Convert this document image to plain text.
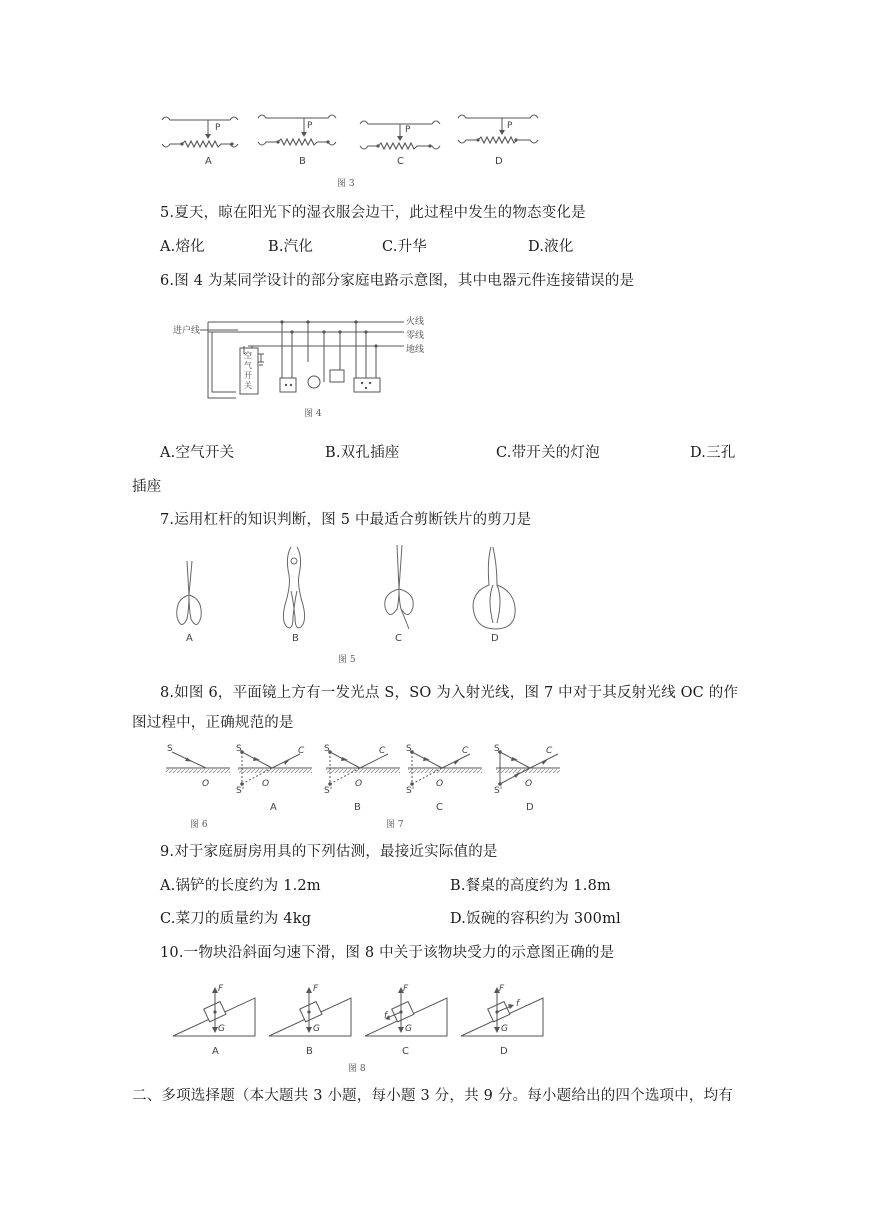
P	P	P	P
A	B	C	D
图 3
5.夏天，晾在阳光下的湿衣服会边干，此过程中发生的物态变化是
A.熔化	B.汽化	C.升华	D.液化
6.图 4 为某同学设计的部分家庭电路示意图，其中电器元件连接错误的是
进户线
火线
零线
地线
空
气
开
关
图 4
A.空气开关	B.双孔插座	C.带开关的灯泡	D.三孔
插座
7.运用杠杆的知识判断，图 5 中最适合剪断铁片的剪刀是
A	B	C	D
图 5
8.如图 6，平面镜上方有一发光点 S，SO 为入射光线，图 7 中对于其反射光线 OC 的作
图过程中，正确规范的是
S
O
S
S'
O
C S
S'
O
C S
S'
O
C	S
S'
O
C
A	B	C	D
图 6	图 7
9.对于家庭厨房用具的下列估测，最接近实际值的是
A.锅铲的长度约为 1.2m	B.餐桌的高度约为 1.8m
C.菜刀的质量约为 4kg	D.饭碗的容积约为 300ml
10.一物块沿斜面匀速下滑，图 8 中关于该物块受力的示意图正确的是
F
G
F
G
F
G
f
F
G
f
A	B	C	D
图 8
二、多项选择题（本大题共 3 小题，每小题 3 分，共 9 分。每小题给出的四个选项中，均有
